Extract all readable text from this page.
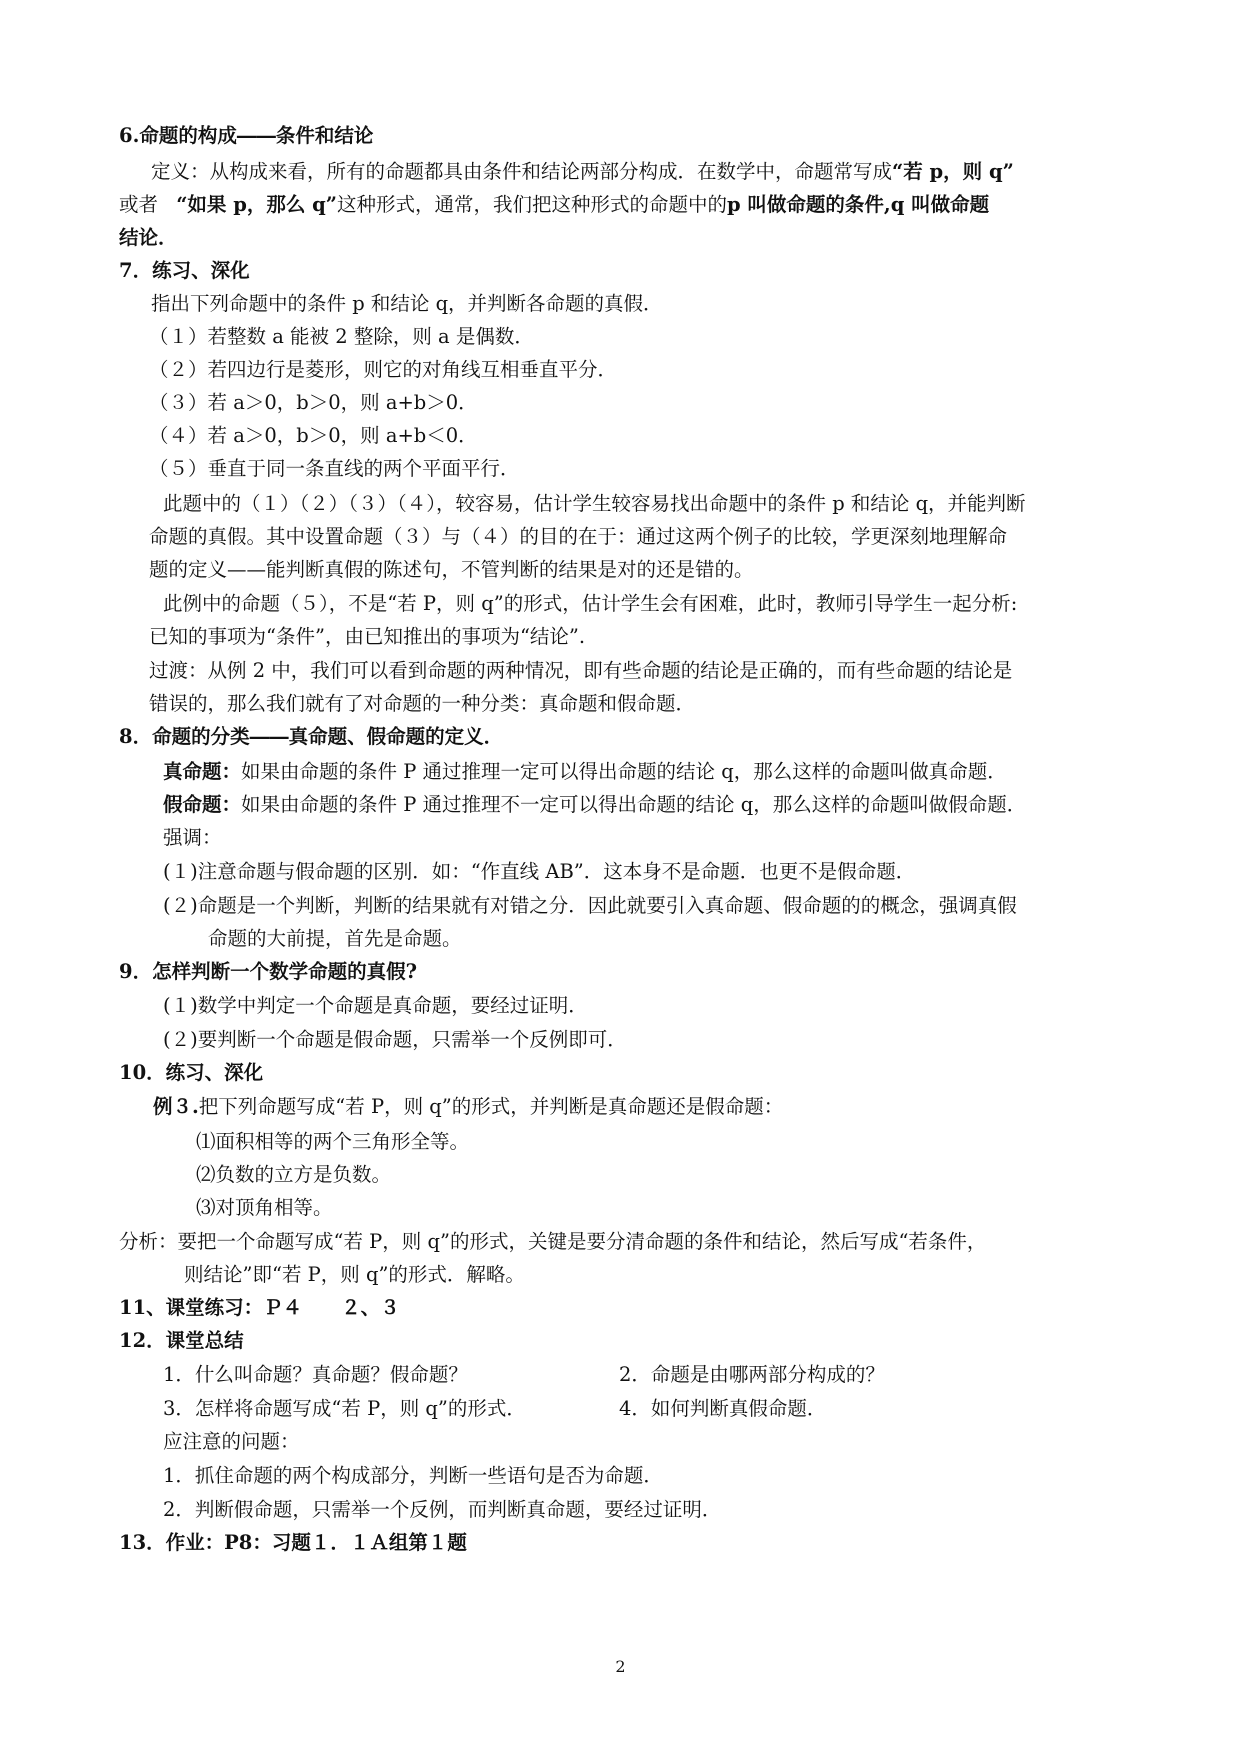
6.命题的构成――条件和结论
定义：从构成来看，所有的命题都具由条件和结论两部分构成．在数学中，命题常写成“若 p，则 q”
或者 “如果 p，那么 q”这种形式，通常，我们把这种形式的命题中的p 叫做命题的条件,q 叫做命题
结论．
7．练习、深化
指出下列命题中的条件 p 和结论 q，并判断各命题的真假．
（１）若整数 a 能被 2 整除，则 a 是偶数．
（２）若四边行是菱形，则它的对角线互相垂直平分．
（３）若 a＞0，b＞0，则 a+b＞0．
（４）若 a＞0，b＞0，则 a+b＜0．
（５）垂直于同一条直线的两个平面平行．
此题中的（１）（２）（３）（４），较容易，估计学生较容易找出命题中的条件 p 和结论 q，并能判断
命题的真假。其中设置命题（３）与（４）的目的在于：通过这两个例子的比较，学更深刻地理解命
题的定义——能判断真假的陈述句，不管判断的结果是对的还是错的。
此例中的命题（５），不是“若 P，则 q”的形式，估计学生会有困难，此时，教师引导学生一起分析:
已知的事项为“条件”，由已知推出的事项为“结论”.
过渡：从例 2 中，我们可以看到命题的两种情况，即有些命题的结论是正确的，而有些命题的结论是
错误的，那么我们就有了对命题的一种分类：真命题和假命题．
8．命题的分类――真命题、假命题的定义．
真命题：如果由命题的条件 P 通过推理一定可以得出命题的结论 q，那么这样的命题叫做真命题．
假命题：如果由命题的条件 P 通过推理不一定可以得出命题的结论 q，那么这样的命题叫做假命题．
强调：
(１)注意命题与假命题的区别．如：“作直线 AB”．这本身不是命题．也更不是假命题．
(２)命题是一个判断，判断的结果就有对错之分．因此就要引入真命题、假命题的的概念，强调真假
命题的大前提，首先是命题。
9．怎样判断一个数学命题的真假?
(１)数学中判定一个命题是真命题，要经过证明．
(２)要判断一个命题是假命题，只需举一个反例即可．
10．练习、深化
例３.把下列命题写成“若 P，则 q”的形式，并判断是真命题还是假命题：
⑴面积相等的两个三角形全等。
⑵负数的立方是负数。
⑶对顶角相等。
分析：要把一个命题写成“若 P，则 q”的形式，关键是要分清命题的条件和结论，然后写成“若条件，
则结论”即“若 P，则 q”的形式．解略。
11、课堂练习：Ｐ４　　２、３
12．课堂总结
1．什么叫命题？真命题？假命题？	2．命题是由哪两部分构成的？
3．怎样将命题写成“若 P，则 q”的形式．	4．如何判断真假命题．
应注意的问题：
1．抓住命题的两个构成部分，判断一些语句是否为命题．
2．判断假命题，只需举一个反例，而判断真命题，要经过证明．
13．作业：P8：习题１．１Ａ组第１题
2
